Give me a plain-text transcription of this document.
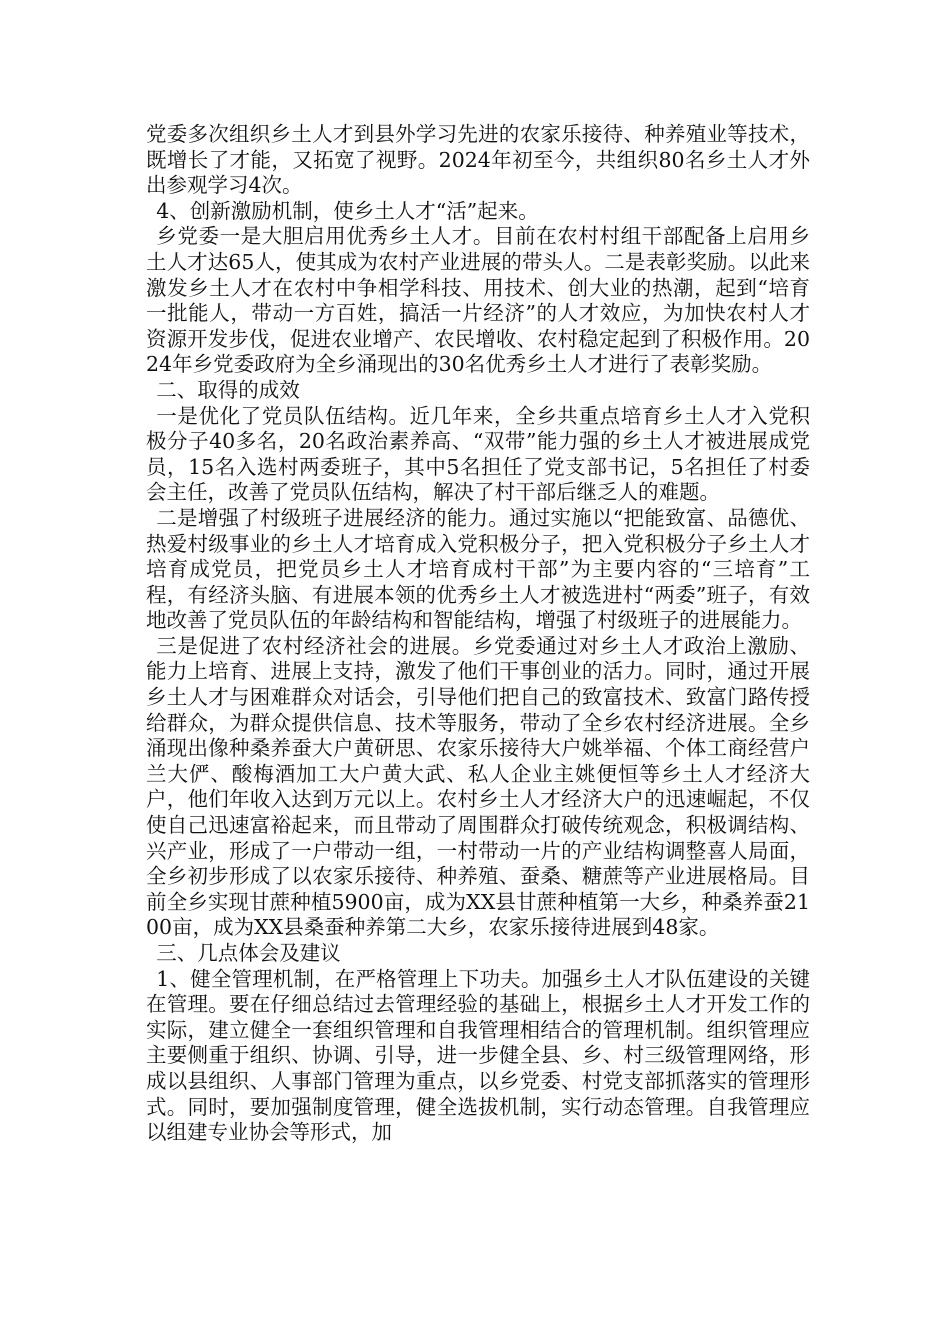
党委多次组织乡土人才到县外学习先进的农家乐接待、种养殖业等技术，既增长了才能，又拓宽了视野。2024年初至今，共组织80名乡土人才外出参观学习4次。

4、创新激励机制，使乡土人才“活”起来。

乡党委一是大胆启用优秀乡土人才。目前在农村村组干部配备上启用乡土人才达65人，使其成为农村产业进展的带头人。二是表彰奖励。以此来激发乡土人才在农村中争相学科技、用技术、创大业的热潮，起到“培育一批能人，带动一方百姓，搞活一片经济”的人才效应，为加快农村人才资源开发步伐，促进农业增产、农民增收、农村稳定起到了积极作用。2024年乡党委政府为全乡涌现出的30名优秀乡土人才进行了表彰奖励。

二、取得的成效

一是优化了党员队伍结构。近几年来，全乡共重点培育乡土人才入党积极分子40多名，20名政治素养高、“双带”能力强的乡土人才被进展成党员，15名入选村两委班子，其中5名担任了党支部书记，5名担任了村委会主任，改善了党员队伍结构，解决了村干部后继乏人的难题。

二是增强了村级班子进展经济的能力。通过实施以“把能致富、品德优、热爱村级事业的乡土人才培育成入党积极分子，把入党积极分子乡土人才培育成党员，把党员乡土人才培育成村干部”为主要内容的“三培育”工程，有经济头脑、有进展本领的优秀乡土人才被选进村“两委”班子，有效地改善了党员队伍的年龄结构和智能结构，增强了村级班子的进展能力。

三是促进了农村经济社会的进展。乡党委通过对乡土人才政治上激励、能力上培育、进展上支持，激发了他们干事创业的活力。同时，通过开展乡土人才与困难群众对话会，引导他们把自己的致富技术、致富门路传授给群众，为群众提供信息、技术等服务，带动了全乡农村经济进展。全乡涌现出像种桑养蚕大户黄研思、农家乐接待大户姚举福、个体工商经营户兰大俨、酸梅酒加工大户黄大武、私人企业主姚便恒等乡土人才经济大户，他们年收入达到万元以上。农村乡土人才经济大户的迅速崛起，不仅使自己迅速富裕起来，而且带动了周围群众打破传统观念，积极调结构、兴产业，形成了一户带动一组，一村带动一片的产业结构调整喜人局面，全乡初步形成了以农家乐接待、种养殖、蚕桑、糖蔗等产业进展格局。目前全乡实现甘蔗种植5900亩，成为XX县甘蔗种植第一大乡，种桑养蚕2100亩，成为XX县桑蚕种养第二大乡，农家乐接待进展到48家。

三、几点体会及建议

1、健全管理机制，在严格管理上下功夫。加强乡土人才队伍建设的关键在管理。要在仔细总结过去管理经验的基础上，根据乡土人才开发工作的实际，建立健全一套组织管理和自我管理相结合的管理机制。组织管理应主要侧重于组织、协调、引导，进一步健全县、乡、村三级管理网络，形成以县组织、人事部门管理为重点，以乡党委、村党支部抓落实的管理形式。同时，要加强制度管理，健全选拔机制，实行动态管理。自我管理应以组建专业协会等形式，加
